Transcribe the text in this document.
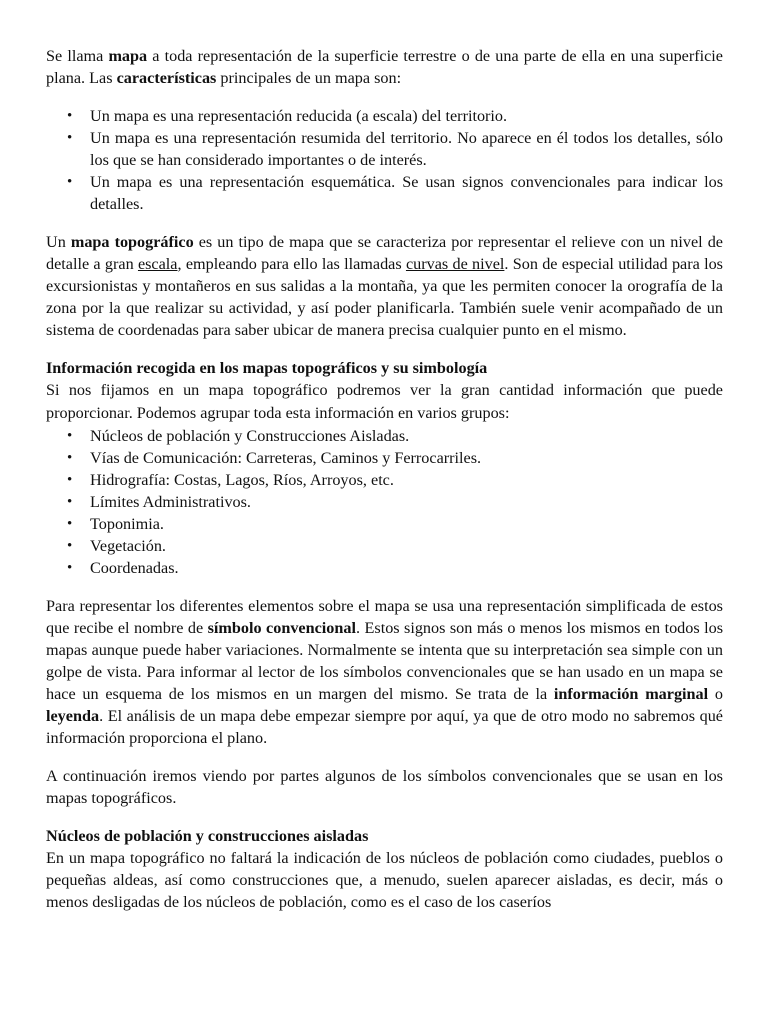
Se llama mapa a toda representación de la superficie terrestre o de una parte de ella en una superficie plana. Las características principales de un mapa son:

• Un mapa es una representación reducida (a escala) del territorio.
• Un mapa es una representación resumida del territorio. No aparece en él todos los detalles, sólo los que se han considerado importantes o de interés.
• Un mapa es una representación esquemática. Se usan signos convencionales para indicar los detalles.

Un mapa topográfico es un tipo de mapa que se caracteriza por representar el relieve con un nivel de detalle a gran escala, empleando para ello las llamadas curvas de nivel. Son de especial utilidad para los excursionistas y montañeros en sus salidas a la montaña, ya que les permiten conocer la orografía de la zona por la que realizar su actividad, y así poder planificarla. También suele venir acompañado de un sistema de coordenadas para saber ubicar de manera precisa cualquier punto en el mismo.

Información recogida en los mapas topográficos y su simbología

Si nos fijamos en un mapa topográfico podremos ver la gran cantidad información que puede proporcionar. Podemos agrupar toda esta información en varios grupos:

• Núcleos de población y Construcciones Aisladas.
• Vías de Comunicación: Carreteras, Caminos y Ferrocarriles.
• Hidrografía: Costas, Lagos, Ríos, Arroyos, etc.
• Límites Administrativos.
• Toponimia.
• Vegetación.
• Coordenadas.

Para representar los diferentes elementos sobre el mapa se usa una representación simplificada de estos que recibe el nombre de símbolo convencional. Estos signos son más o menos los mismos en todos los mapas aunque puede haber variaciones. Normalmente se intenta que su interpretación sea simple con un golpe de vista. Para informar al lector de los símbolos convencionales que se han usado en un mapa se hace un esquema de los mismos en un margen del mismo. Se trata de la información marginal o leyenda. El análisis de un mapa debe empezar siempre por aquí, ya que de otro modo no sabremos qué información proporciona el plano.

A continuación iremos viendo por partes algunos de los símbolos convencionales que se usan en los mapas topográficos.

Núcleos de población y construcciones aisladas

En un mapa topográfico no faltará la indicación de los núcleos de población como ciudades, pueblos o pequeñas aldeas, así como construcciones que, a menudo, suelen aparecer aisladas, es decir, más o menos desligadas de los núcleos de población, como es el caso de los caseríos
